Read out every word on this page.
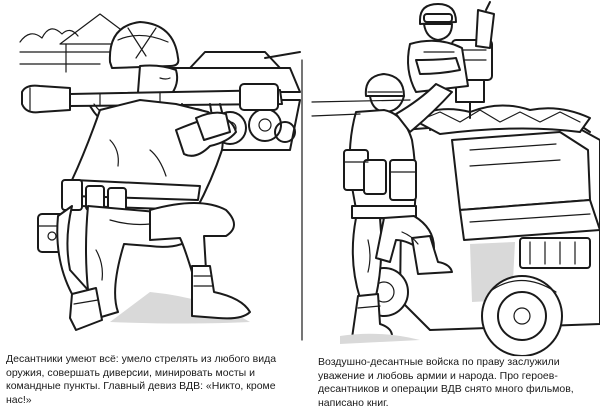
Десантники умеют всё: умело стрелять из любого вида оружия, совершать диверсии, минировать мосты и командные пункты. Главный девиз ВДВ: «Никто, кроме нас!»
Воздушно-десантные войска по праву заслужили уважение и любовь армии и народа. Про героев-десантников и операции ВДВ снято много фильмов, написано книг.
